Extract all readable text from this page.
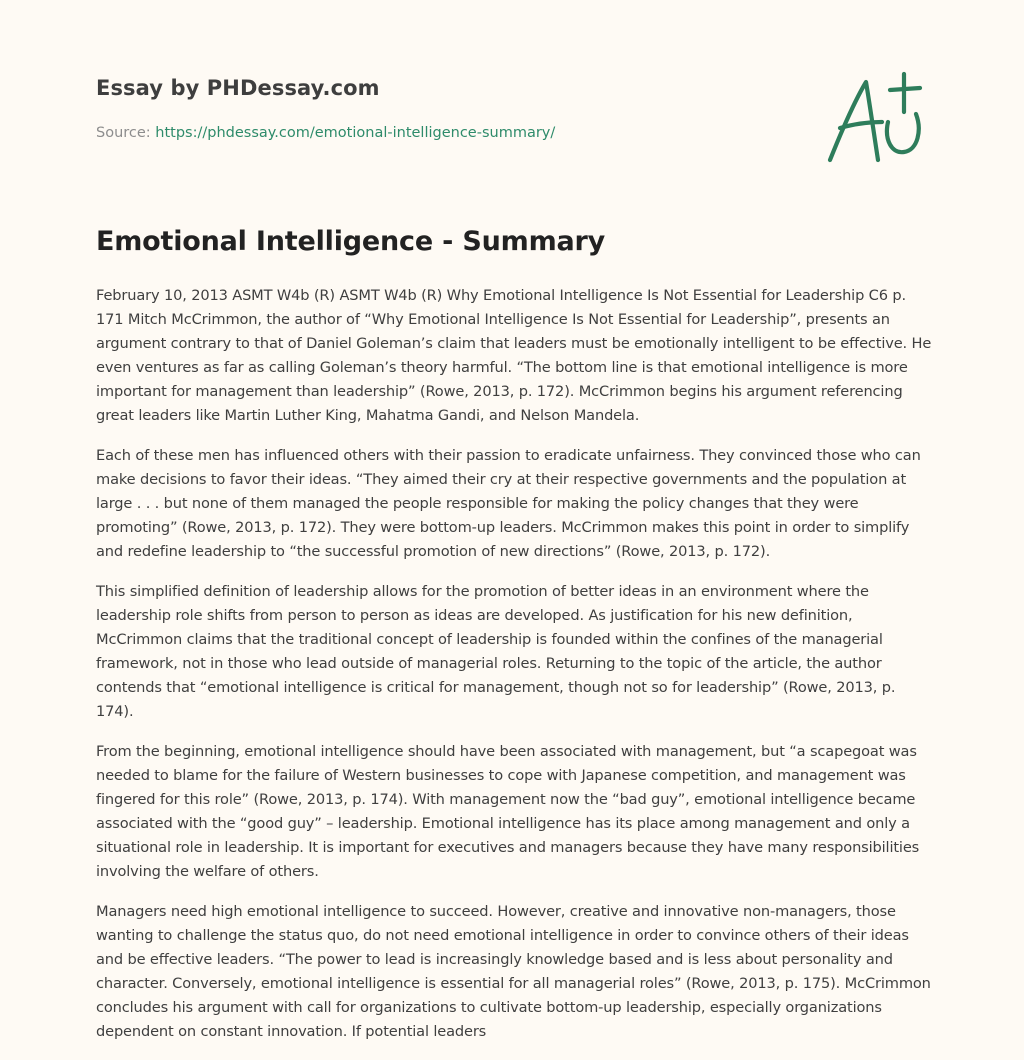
Essay by PHDessay.com
Source: https://phdessay.com/emotional-intelligence-summary/
Emotional Intelligence - Summary

February 10, 2013 ASMT W4b (R) ASMT W4b (R) Why Emotional Intelligence Is Not Essential for Leadership C6 p. 171 Mitch McCrimmon, the author of “Why Emotional Intelligence Is Not Essential for Leadership”, presents an argument contrary to that of Daniel Goleman’s claim that leaders must be emotionally intelligent to be effective. He even ventures as far as calling Goleman’s theory harmful. “The bottom line is that emotional intelligence is more important for management than leadership” (Rowe, 2013, p. 172). McCrimmon begins his argument referencing great leaders like Martin Luther King, Mahatma Gandi, and Nelson Mandela.

Each of these men has influenced others with their passion to eradicate unfairness. They convinced those who can make decisions to favor their ideas. “They aimed their cry at their respective governments and the population at large . . . but none of them managed the people responsible for making the policy changes that they were promoting” (Rowe, 2013, p. 172). They were bottom-up leaders. McCrimmon makes this point in order to simplify and redefine leadership to “the successful promotion of new directions” (Rowe, 2013, p. 172).

This simplified definition of leadership allows for the promotion of better ideas in an environment where the leadership role shifts from person to person as ideas are developed. As justification for his new definition, McCrimmon claims that the traditional concept of leadership is founded within the confines of the managerial framework, not in those who lead outside of managerial roles. Returning to the topic of the article, the author contends that “emotional intelligence is critical for management, though not so for leadership” (Rowe, 2013, p. 174).

From the beginning, emotional intelligence should have been associated with management, but “a scapegoat was needed to blame for the failure of Western businesses to cope with Japanese competition, and management was fingered for this role” (Rowe, 2013, p. 174). With management now the “bad guy”, emotional intelligence became associated with the “good guy” – leadership. Emotional intelligence has its place among management and only a situational role in leadership. It is important for executives and managers because they have many responsibilities involving the welfare of others.

Managers need high emotional intelligence to succeed. However, creative and innovative non-managers, those wanting to challenge the status quo, do not need emotional intelligence in order to convince others of their ideas and be effective leaders. “The power to lead is increasingly knowledge based and is less about personality and character. Conversely, emotional intelligence is essential for all managerial roles” (Rowe, 2013, p. 175). McCrimmon concludes his argument with call for organizations to cultivate bottom-up leadership, especially organizations dependent on constant innovation. If potential leaders
